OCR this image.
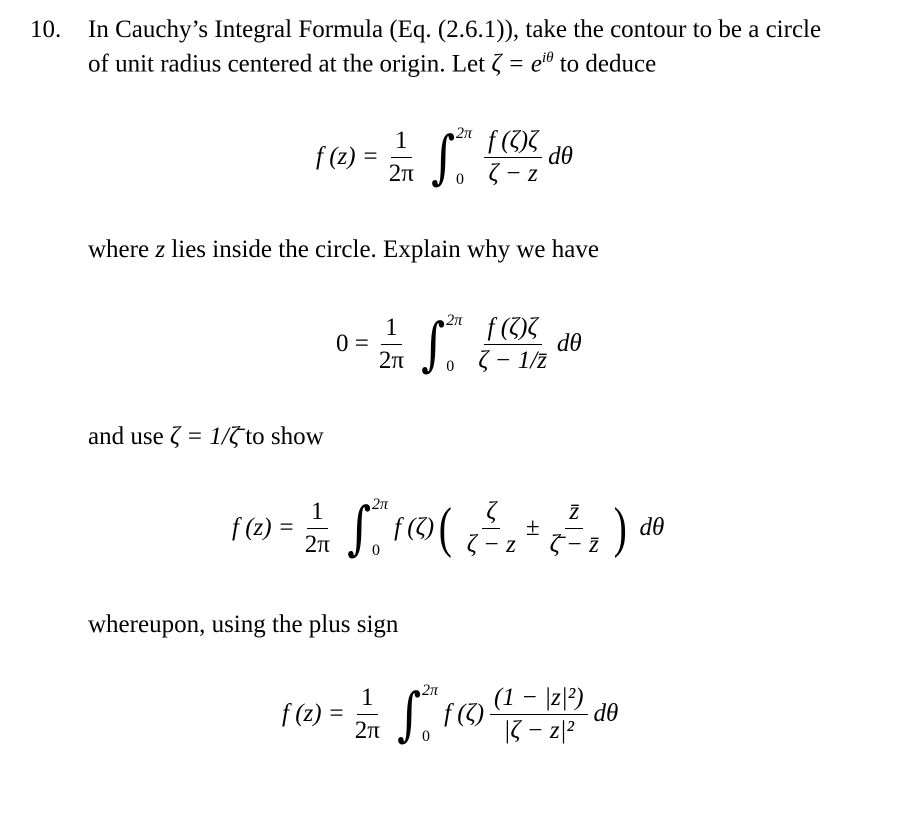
10. In Cauchy’s Integral Formula (Eq. (2.6.1)), take the contour to be a circle
of unit radius centered at the origin. Let $\zeta = e^{i\theta}$ to deduce
f $(z) = \frac{1}{2\pi}$ ∫ 2π
$0 \frac{f (\zeta)\zeta}{\zeta - z}$ dθ
where z lies inside the circle. Explain why we have
$0 = \frac{1}{2\pi}$ ∫ 2π
$0 \frac{f (\zeta)\zeta}{\zeta - 1/z̄}$ dθ
and use ζ = 1/ζ̄ to show
f $(z) = \frac{1}{2\pi}$ ∫ 2π
0
f (ζ) ( $\frac{\zeta}{\zeta - z} \pm \frac{z̄}{\zetā - z̄}$ ) dθ
whereupon, using the plus sign
f $(z) = \frac{1}{2\pi}$ ∫ 2π
0
f $(\zeta) \frac{\text{(1 − |z|²)}}{\text{|ζ − z|²}}$ dθ
